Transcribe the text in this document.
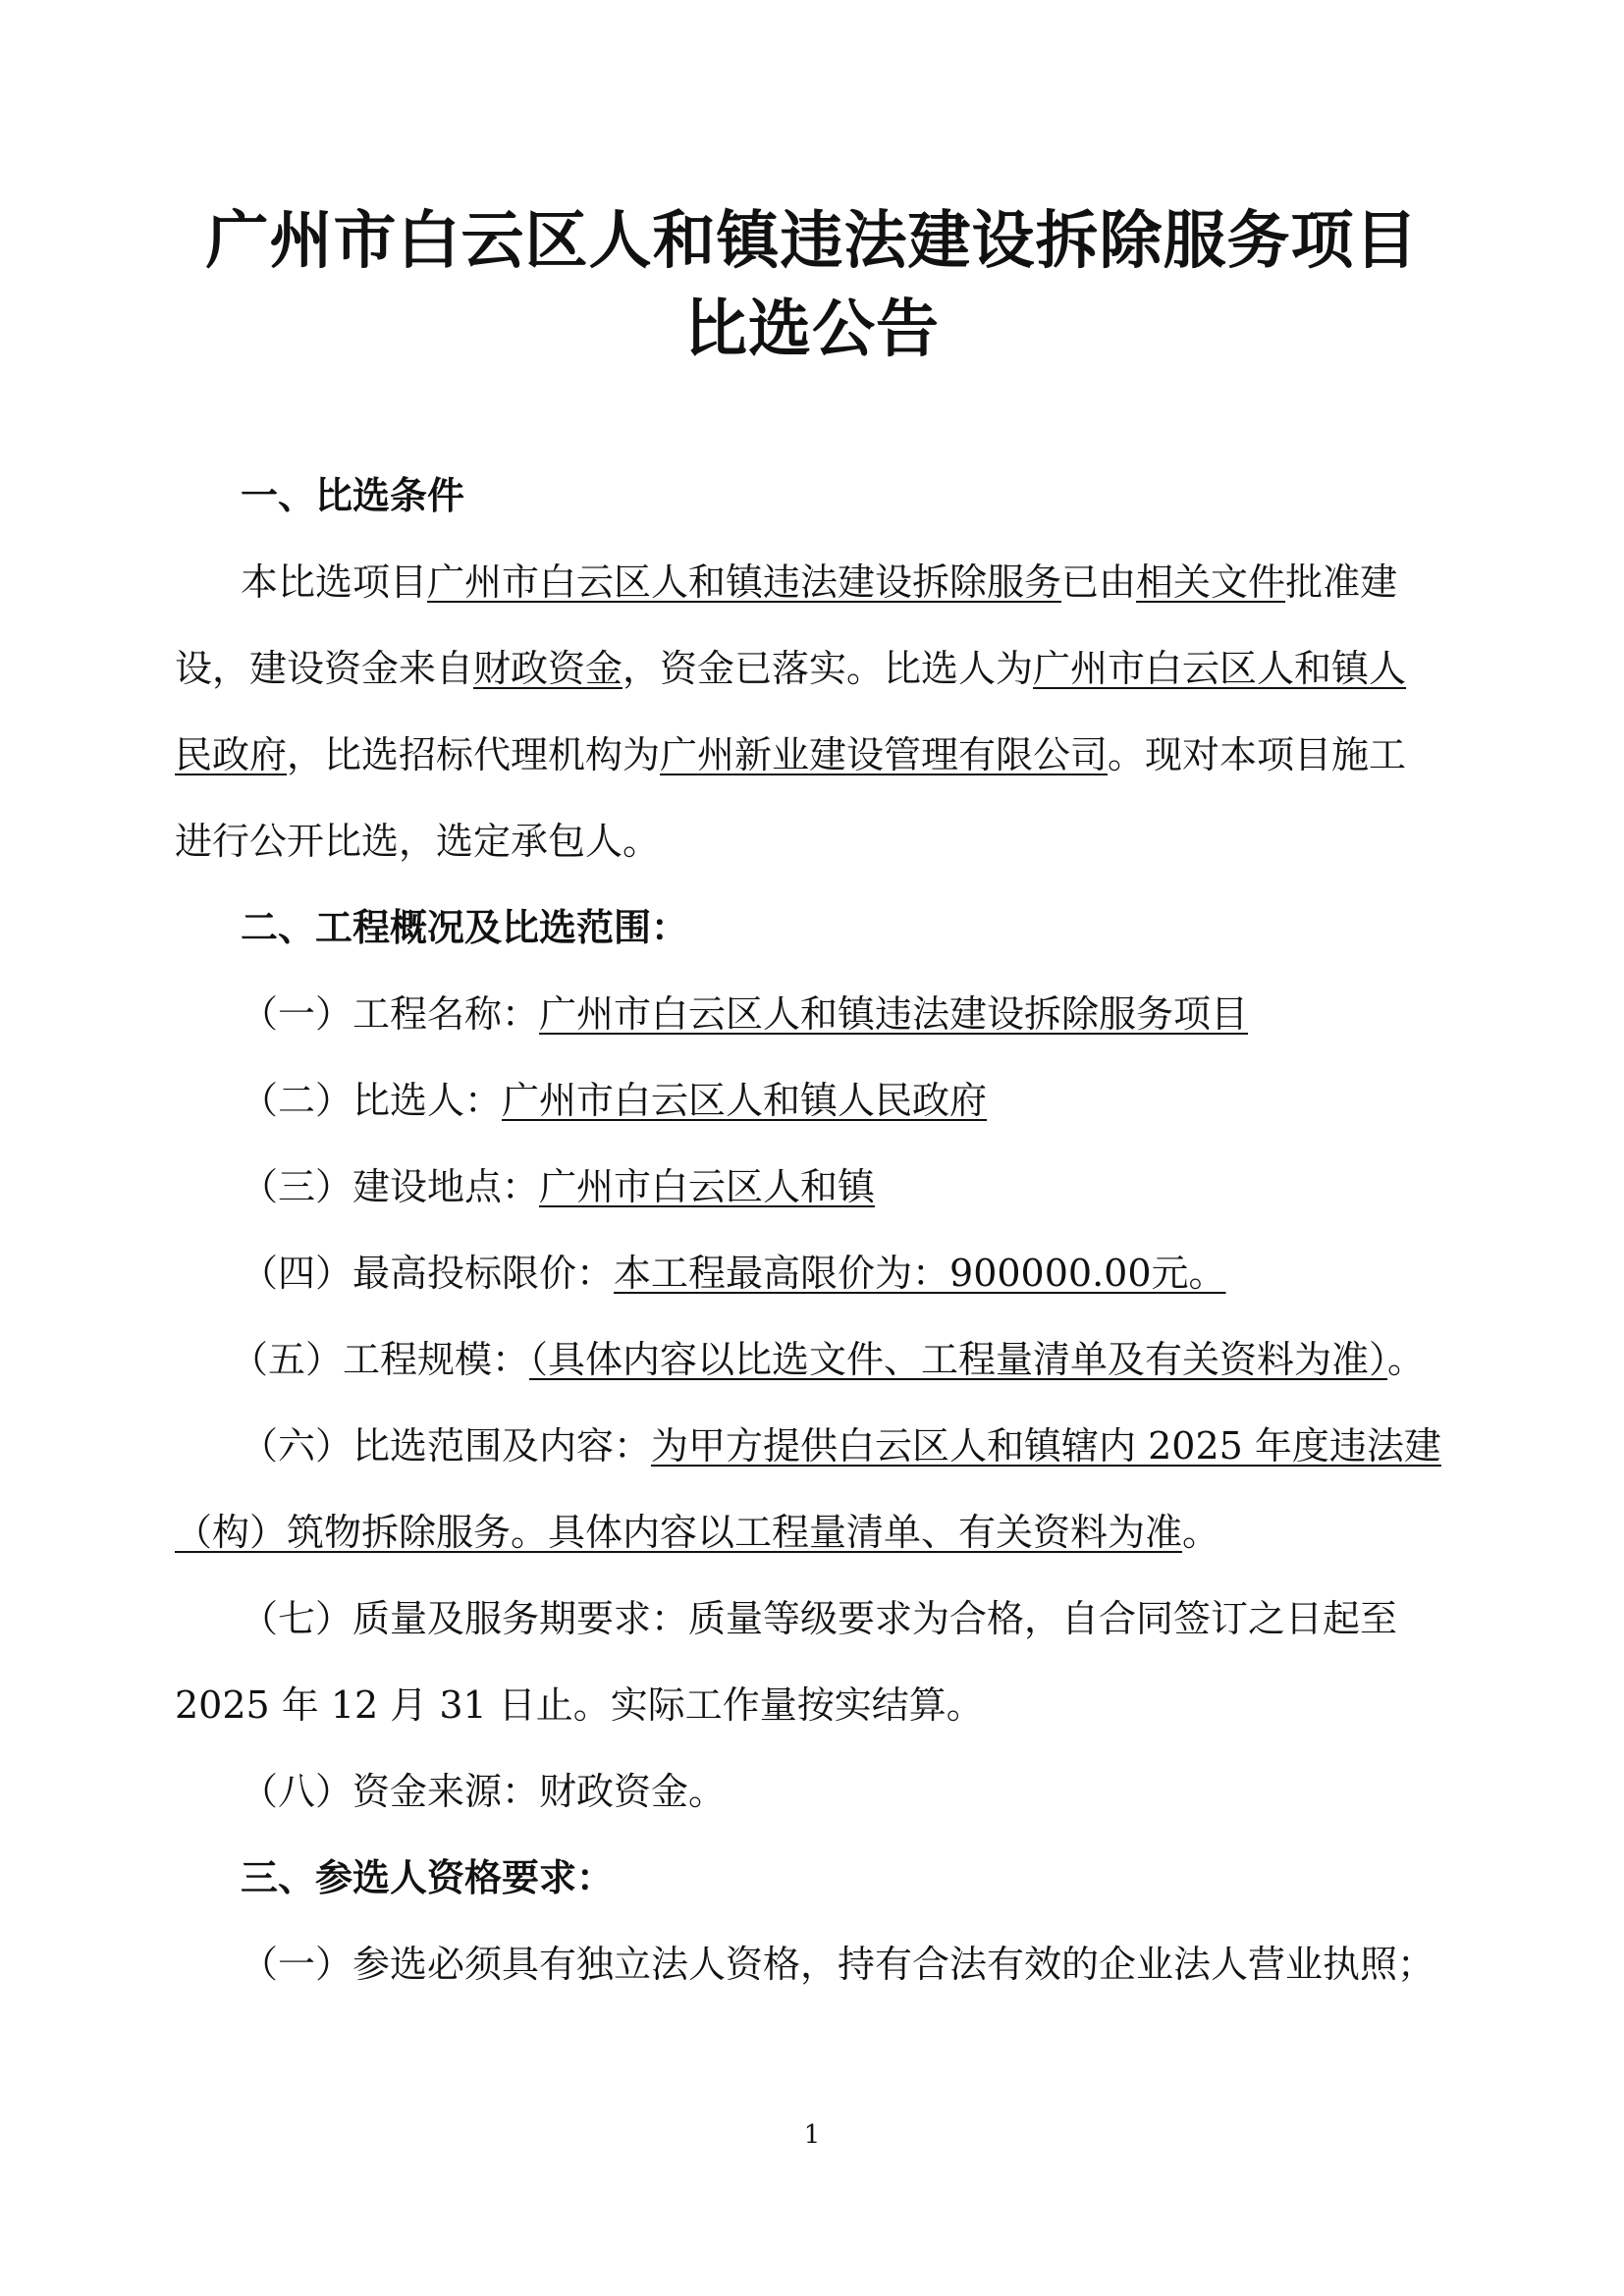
广州市白云区人和镇违法建设拆除服务项目
比选公告
一、比选条件
本比选项目广州市白云区人和镇违法建设拆除服务已由相关文件批准建
设，建设资金来自财政资金，资金已落实。比选人为广州市白云区人和镇人
民政府，比选招标代理机构为广州新业建设管理有限公司。现对本项目施工
进行公开比选，选定承包人。
二、工程概况及比选范围：
（一）工程名称：广州市白云区人和镇违法建设拆除服务项目
（二）比选人：广州市白云区人和镇人民政府
（三）建设地点：广州市白云区人和镇
（四）最高投标限价：本工程最高限价为：900000.00元。
（五）工程规模：（具体内容以比选文件、工程量清单及有关资料为准）。
（六）比选范围及内容：为甲方提供白云区人和镇辖内 2025 年度违法建
（构）筑物拆除服务。具体内容以工程量清单、有关资料为准。
（七）质量及服务期要求：质量等级要求为合格，自合同签订之日起至
2025 年 12 月 31 日止。实际工作量按实结算。
（八）资金来源：财政资金。
三、参选人资格要求：
（一）参选必须具有独立法人资格，持有合法有效的企业法人营业执照；
1
